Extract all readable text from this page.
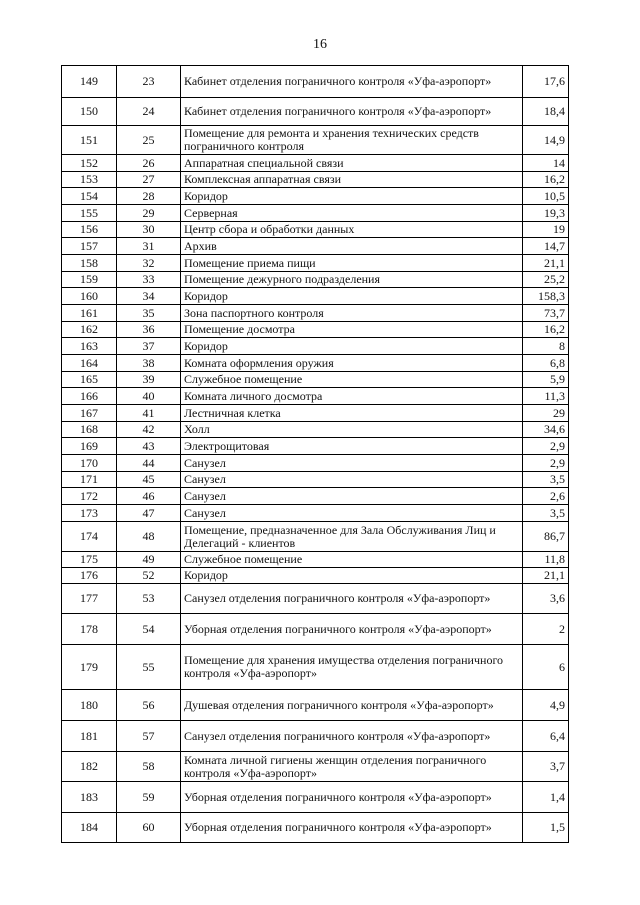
16
149	23	Кабинет отделения пограничного контроля «Уфа-аэропорт»	17,6
150	24	Кабинет отделения пограничного контроля «Уфа-аэропорт»	18,4
151	25	Помещение для ремонта и хранения технических средств пограничного контроля	14,9
152	26	Аппаратная специальной связи	14
153	27	Комплексная аппаратная связи	16,2
154	28	Коридор	10,5
155	29	Серверная	19,3
156	30	Центр сбора и обработки данных	19
157	31	Архив	14,7
158	32	Помещение приема пищи	21,1
159	33	Помещение дежурного подразделения	25,2
160	34	Коридор	158,3
161	35	Зона паспортного контроля	73,7
162	36	Помещение досмотра	16,2
163	37	Коридор	8
164	38	Комната оформления оружия	6,8
165	39	Служебное помещение	5,9
166	40	Комната личного досмотра	11,3
167	41	Лестничная клетка	29
168	42	Холл	34,6
169	43	Электрощитовая	2,9
170	44	Санузел	2,9
171	45	Санузел	3,5
172	46	Санузел	2,6
173	47	Санузел	3,5
174	48	Помещение, предназначенное для Зала Обслуживания Лиц и Делегаций - клиентов	86,7
175	49	Служебное помещение	11,8
176	52	Коридор	21,1
177	53	Санузел отделения пограничного контроля «Уфа-аэропорт»	3,6
178	54	Уборная отделения пограничного контроля «Уфа-аэропорт»	2
179	55	Помещение для хранения имущества отделения пограничного контроля «Уфа-аэропорт»	6
180	56	Душевая отделения пограничного контроля «Уфа-аэропорт»	4,9
181	57	Санузел отделения пограничного контроля «Уфа-аэропорт»	6,4
182	58	Комната личной гигиены женщин отделения пограничного контроля «Уфа-аэропорт»	3,7
183	59	Уборная отделения пограничного контроля «Уфа-аэропорт»	1,4
184	60	Уборная отделения пограничного контроля «Уфа-аэропорт»	1,5
